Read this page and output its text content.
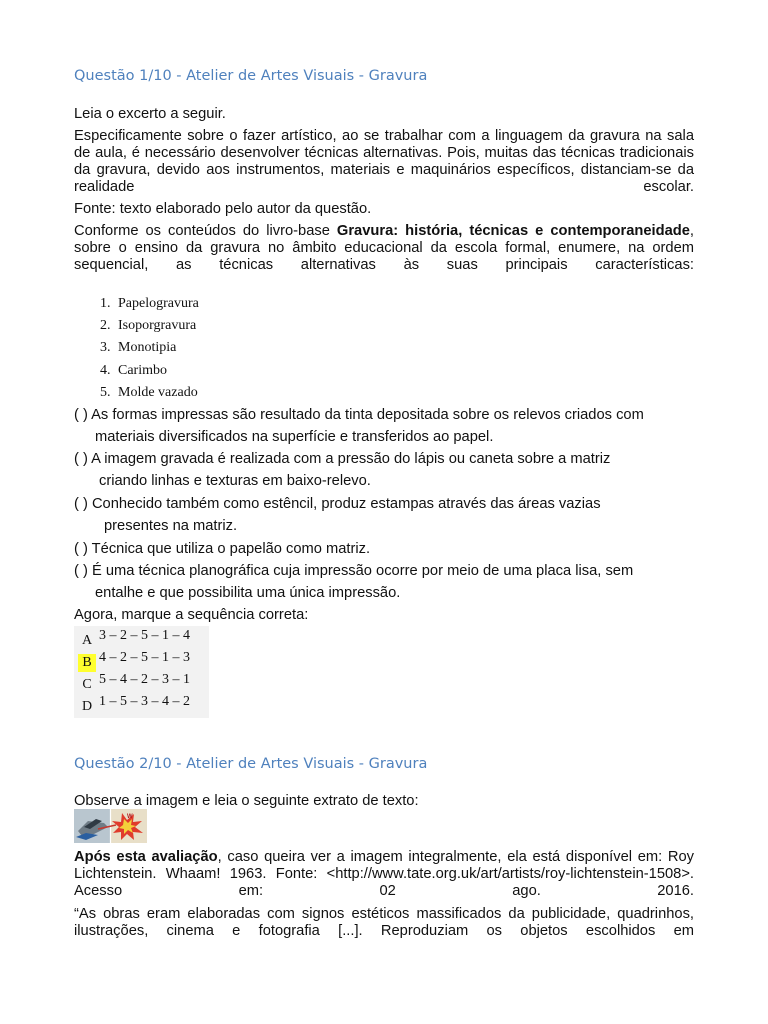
Questão 1/10 - Atelier de Artes Visuais - Gravura
Leia o excerto a seguir.
Especificamente sobre o fazer artístico, ao se trabalhar com a linguagem da gravura na sala de aula, é necessário desenvolver técnicas alternativas. Pois, muitas das técnicas tradicionais da gravura, devido aos instrumentos, materiais e maquinários específicos, distanciam-se da realidade escolar.
Fonte: texto elaborado pelo autor da questão.
Conforme os conteúdos do livro-base Gravura: história, técnicas e contemporaneidade, sobre o ensino da gravura no âmbito educacional da escola formal, enumere, na ordem sequencial, as técnicas alternativas às suas principais características:
1. Papelogravura
2. Isoporgravura
3. Monotipia
4. Carimbo
5. Molde vazado
( ) As formas impressas são resultado da tinta depositada sobre os relevos criados com
materiais diversificados na superfície e transferidos ao papel.
( ) A imagem gravada é realizada com a pressão do lápis ou caneta sobre a matriz
criando linhas e texturas em baixo-relevo.
( ) Conhecido também como estêncil, produz estampas através das áreas vazias
presentes na matriz.
( ) Técnica que utiliza o papelão como matriz.
( ) É uma técnica planográfica cuja impressão ocorre por meio de uma placa lisa, sem
entalhe e que possibilita uma única impressão.
Agora, marque a sequência correta:
A 3 – 2 – 5 – 1 – 4
B 4 – 2 – 5 – 1 – 3
C 5 – 4 – 2 – 3 – 1
D 1 – 5 – 3 – 4 – 2
Questão 2/10 - Atelier de Artes Visuais - Gravura
Observe a imagem e leia o seguinte extrato de texto:
Após esta avaliação, caso queira ver a imagem integralmente, ela está disponível em: Roy Lichtenstein. Whaam! 1963. Fonte: <http://www.tate.org.uk/art/artists/roy-lichtenstein-1508>. Acesso em: 02 ago. 2016.
“As obras eram elaboradas com signos estéticos massificados da publicidade, quadrinhos, ilustrações, cinema e fotografia [...]. Reproduziam os objetos escolhidos em
W
